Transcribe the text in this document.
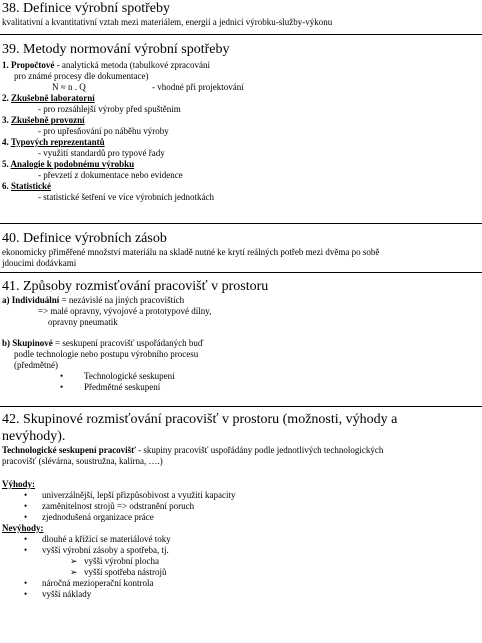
38. Definice výrobní spotřeby
kvalitativní a kvantitativní vztah mezi materiálem, energií a jednicí výrobku-služby-výkonu
39. Metody normování výrobní spotřeby
1. Propočtové - analytická metoda (tabulkové zpracování
pro známé procesy dle dokumentace)
N ≈ n . Q	- vhodné při projektování

2. Zkušebně laboratorní
- pro rozsáhlejší výroby před spuštěním
3. Zkušebně provozní
- pro upřesňování po náběhu výroby
4. Typových reprezentantů
- využití standardů pro typové řady
5. Analogie k podobnému výrobku
- převzetí z dokumentace nebo evidence
6. Statistické
- statistické šetření ve více výrobních jednotkách
40. Definice výrobních zásob
ekonomicky přiměřené množství materiálu na skladě nutné ke krytí reálných potřeb mezi dvěma po sobě
jdoucími dodávkami
41. Způsoby rozmisťování pracovišť v prostoru
a) Individuální = nezávislé na jiných pracovištích
=> malé opravny, vývojové a prototypové dílny,
opravny pneumatik
b) Skupinové = seskupení pracovišť uspořádaných buď
podle technologie nebo postupu výrobního procesu
(předmětné)
• Technologické seskupení
• Předmětné seskupení
42. Skupinové rozmisťování pracovišť v prostoru (možnosti, výhody a nevýhody).
Technologické seskupení pracovišť - skupiny pracovišť uspořádány podle jednotlivých technologických
pracovišť (slévárna, soustružna, kalírna, ….)
Výhody:
• univerzálnější, lepší přizpůsobivost a využití kapacity
• zaměnitelnost strojů => odstranění poruch
• zjednodušená organizace práce
Nevýhody:
• dlouhé a křížící se materiálové toky
• vyšší výrobní zásoby a spotřeba, tj.
➢ vyšší výrobní plocha
➢ vyšší spotřeba nástrojů
• náročná mezioperační kontrola
• vyšší náklady
